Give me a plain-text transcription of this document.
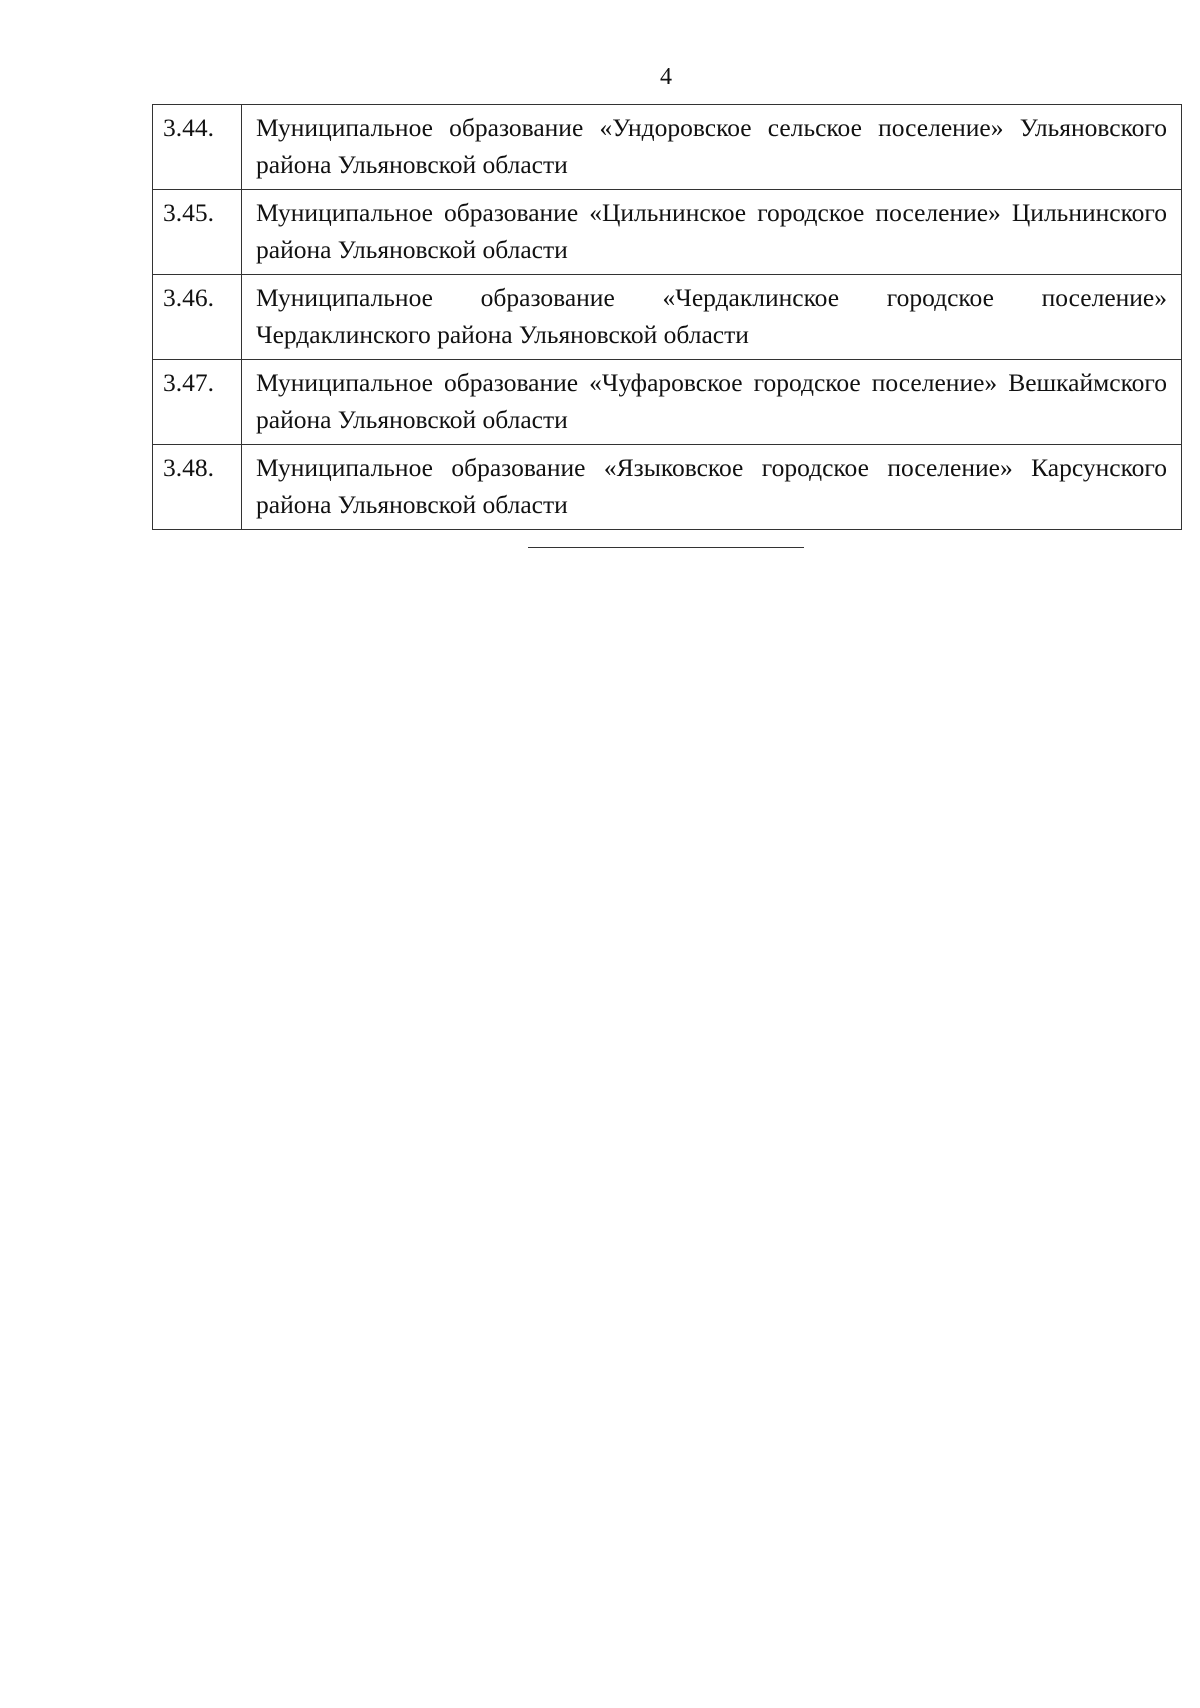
4
3.44.	Муниципальное образование «Ундоровское сельское поселение» Ульяновского района Ульяновской области
3.45.	Муниципальное образование «Цильнинское городское поселение» Цильнинского района Ульяновской области
3.46.	Муниципальное образование «Чердаклинское городское поселение» Чердаклинского района Ульяновской области
3.47.	Муниципальное образование «Чуфаровское городское поселение» Вешкаймского района Ульяновской области
3.48.	Муниципальное образование «Языковское городское поселение» Карсунского района Ульяновской области
